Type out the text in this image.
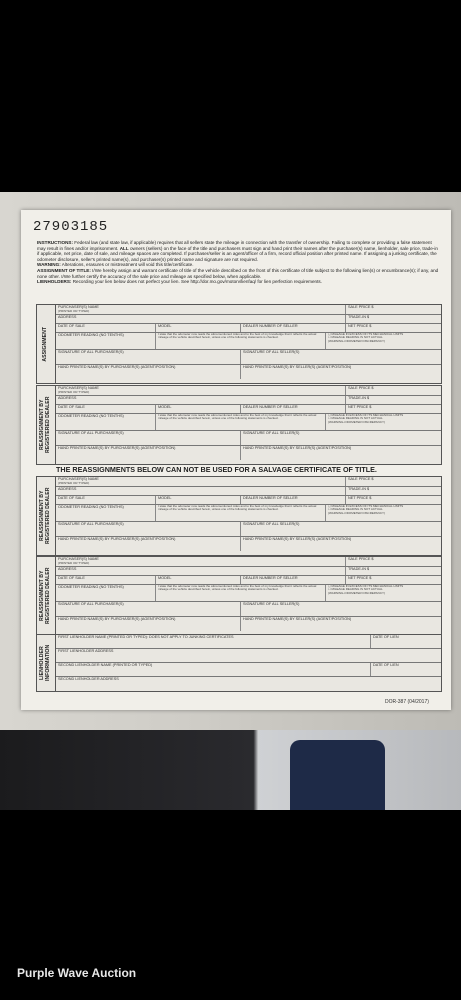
27903185
INSTRUCTIONS: Federal law (and state law, if applicable) requires that all sellers state the mileage in connection with the transfer of ownership. Failing to complete or providing a false statement may result in fines and/or imprisonment. ALL owners (sellers) on the face of the title and purchasers must sign and hand print their names after the purchaser(s) name, lienholder, sale price, trade-in if applicable, net price, date of sale, and mileage spaces are completed. If purchaser/seller is an agent/officer of a firm, record official position after printed name. If assigning a junking certificate, the odometer disclosure, seller's printed name(s), and purchaser(s) printed name and signature are not required.
WARNING: Alterations, erasures or mistreatment will void this title/certificate.
ASSIGNMENT OF TITLE: I/We hereby assign and warrant certificate of title of the vehicle described on the front of this certificate of title subject to the following lien(s) or encumbrance(s); if any, and none other. I/We further certify the accuracy of the sale price and mileage as specified below, when applicable.
LIENHOLDERS: Recording your lien below does not perfect your lien. See http://dor.mo.gov/motorv/lienfaq/ for lien perfection requirements.
ASSIGNMENT
PURCHASER(S) NAME
(PRINTED OR TYPED)
SALE PRICE $
ADDRESS	TRADE-IN $
DATE OF SALE	MODEL	DEALER NUMBER OF SELLER	NET PRICE $
ODOMETER READING (NO TENTHS)	I state that the odometer now reads the aforementioned miles and to the best of my knowledge that it reflects the actual mileage of the vehicle described herein, unless one of the following statements is checked.
☐ MILEAGE IN EXCESS OF ITS MECHANICAL LIMITS
☐ MILEAGE READING IS NOT ACTUAL
(WARNING-ODOMETER DISCREPANCY)
SIGNATURE OF ALL PURCHASER(S)	SIGNATURE OF ALL SELLER(S)
HAND PRINTED NAME(S) BY PURCHASER(S) (AGENT/POSITION)	HAND PRINTED NAME(S) BY SELLER(S) (AGENT/POSITION)
REASSIGNMENT BY REGISTERED DEALER
PURCHASER(S) NAME
(PRINTED OR TYPED)
SALE PRICE $
ADDRESS	TRADE-IN $
DATE OF SALE	MODEL	DEALER NUMBER OF SELLER	NET PRICE $
ODOMETER READING (NO TENTHS)	I state that the odometer now reads the aforementioned miles and to the best of my knowledge that it reflects the actual mileage of the vehicle described herein, unless one of the following statements is checked.
☐ MILEAGE IN EXCESS OF ITS MECHANICAL LIMITS
☐ MILEAGE READING IS NOT ACTUAL
(WARNING-ODOMETER DISCREPANCY)
SIGNATURE OF ALL PURCHASER(S)	SIGNATURE OF ALL SELLER(S)
HAND PRINTED NAME(S) BY PURCHASER(S) (AGENT/POSITION)	HAND PRINTED NAME(S) BY SELLER(S) (AGENT/POSITION)
THE REASSIGNMENTS BELOW CAN NOT BE USED FOR A SALVAGE CERTIFICATE OF TITLE.
REASSIGNMENT BY REGISTERED DEALER
PURCHASER(S) NAME
(PRINTED OR TYPED)
SALE PRICE $
ADDRESS	TRADE-IN $
DATE OF SALE	MODEL	DEALER NUMBER OF SELLER	NET PRICE $
ODOMETER READING (NO TENTHS)	I state that the odometer now reads the aforementioned miles and to the best of my knowledge that it reflects the actual mileage of the vehicle described herein, unless one of the following statements is checked.
☐ MILEAGE IN EXCESS OF ITS MECHANICAL LIMITS
☐ MILEAGE READING IS NOT ACTUAL
(WARNING-ODOMETER DISCREPANCY)
SIGNATURE OF ALL PURCHASER(S)	SIGNATURE OF ALL SELLER(S)
HAND PRINTED NAME(S) BY PURCHASER(S) (AGENT/POSITION)	HAND PRINTED NAME(S) BY SELLER(S) (AGENT/POSITION)
REASSIGNMENT BY REGISTERED DEALER
PURCHASER(S) NAME
(PRINTED OR TYPED)
SALE PRICE $
ADDRESS	TRADE-IN $
DATE OF SALE	MODEL	DEALER NUMBER OF SELLER	NET PRICE $
ODOMETER READING (NO TENTHS)	I state that the odometer now reads the aforementioned miles and to the best of my knowledge that it reflects the actual mileage of the vehicle described herein, unless one of the following statements is checked.
☐ MILEAGE IN EXCESS OF ITS MECHANICAL LIMITS
☐ MILEAGE READING IS NOT ACTUAL
(WARNING-ODOMETER DISCREPANCY)
SIGNATURE OF ALL PURCHASER(S)	SIGNATURE OF ALL SELLER(S)
HAND PRINTED NAME(S) BY PURCHASER(S) (AGENT/POSITION)	HAND PRINTED NAME(S) BY SELLER(S) (AGENT/POSITION)
LIENHOLDER INFORMATION
FIRST LIENHOLDER NAME (PRINTED OR TYPED): DOES NOT APPLY TO JUNKING CERTIFICATES	DATE OF LIEN
FIRST LIENHOLDER ADDRESS
SECOND LIENHOLDER NAME (PRINTED OR TYPED)	DATE OF LIEN
SECOND LIENHOLDER ADDRESS
DOR-387 (04/2017)
Purple Wave Auction
